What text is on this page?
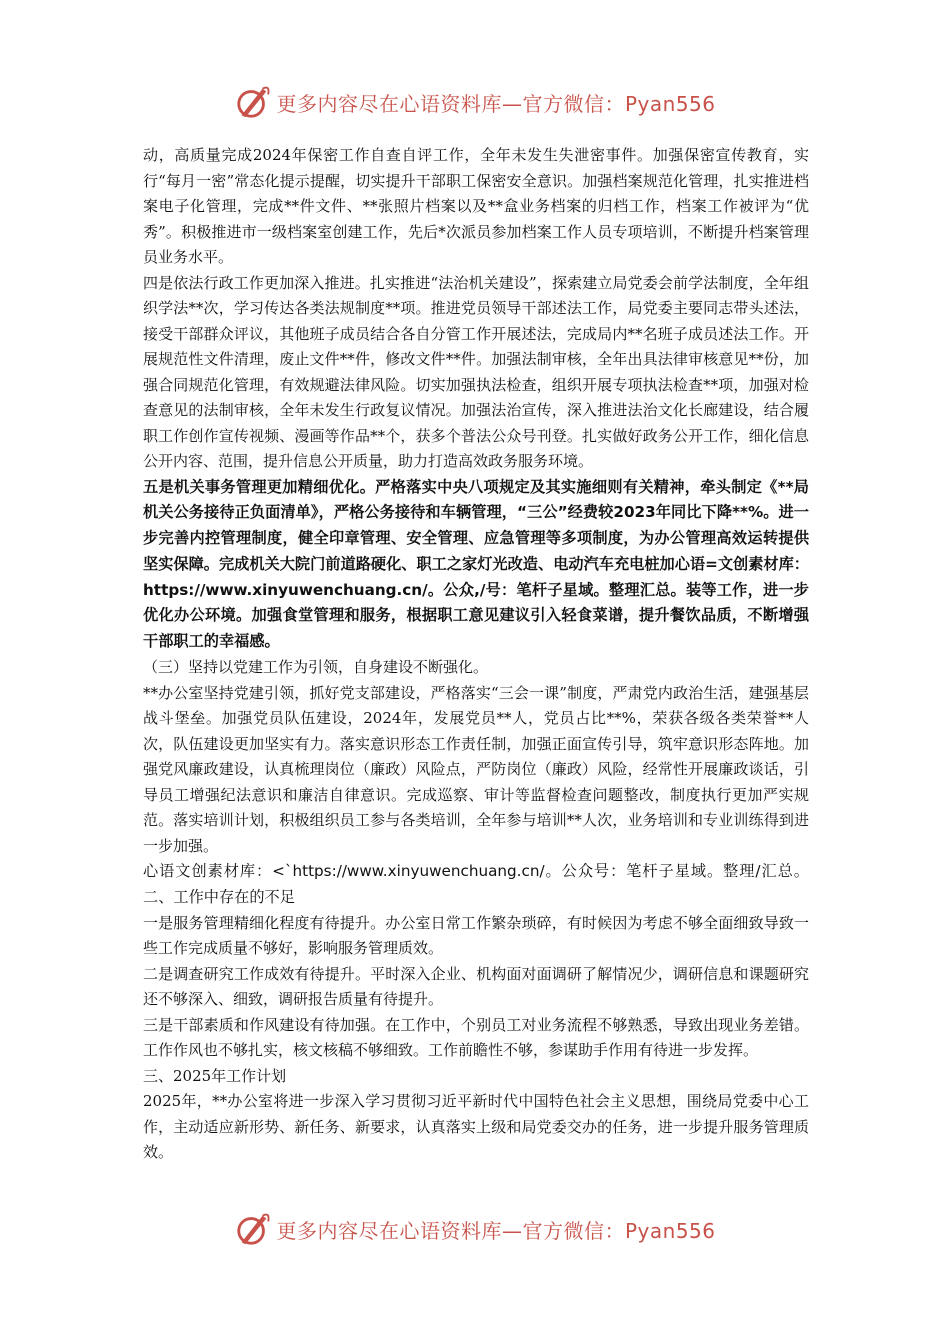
更多内容尽在心语资料库—官方微信：Pyan556

动，高质量完成2024年保密工作自查自评工作，全年未发生失泄密事件。加强保密宣传教育，实行“每月一密”常态化提示提醒，切实提升干部职工保密安全意识。加强档案规范化管理，扎实推进档案电子化管理，完成**件文件、**张照片档案以及**盒业务档案的归档工作，档案工作被评为“优秀”。积极推进市一级档案室创建工作，先后*次派员参加档案工作人员专项培训，不断提升档案管理员业务水平。

四是依法行政工作更加深入推进。扎实推进“法治机关建设”，探索建立局党委会前学法制度，全年组织学法**次，学习传达各类法规制度**项。推进党员领导干部述法工作，局党委主要同志带头述法，接受干部群众评议，其他班子成员结合各自分管工作开展述法，完成局内**名班子成员述法工作。开展规范性文件清理，废止文件**件，修改文件**件。加强法制审核，全年出具法律审核意见**份，加强合同规范化管理，有效规避法律风险。切实加强执法检查，组织开展专项执法检查**项，加强对检查意见的法制审核，全年未发生行政复议情况。加强法治宣传，深入推进法治文化长廊建设，结合履职工作创作宣传视频、漫画等作品**个，获多个普法公众号刊登。扎实做好政务公开工作，细化信息公开内容、范围，提升信息公开质量，助力打造高效政务服务环境。

五是机关事务管理更加精细优化。严格落实中央八项规定及其实施细则有关精神，牵头制定《**局机关公务接待正负面清单》，严格公务接待和车辆管理，“三公”经费较2023年同比下降**%。进一步完善内控管理制度，健全印章管理、安全管理、应急管理等多项制度，为办公管理高效运转提供坚实保障。完成机关大院门前道路硬化、职工之家灯光改造、电动汽车充电桩加心语=文创素材库：https://www.xinyuwenchuang.cn/。公众,/号：笔杆子星域。整理汇总。装等工作，进一步优化办公环境。加强食堂管理和服务，根据职工意见建议引入轻食菜谱，提升餐饮品质，不断增强干部职工的幸福感。

（三）坚持以党建工作为引领，自身建设不断强化。

**办公室坚持党建引领，抓好党支部建设，严格落实“三会一课”制度，严肃党内政治生活，建强基层战斗堡垒。加强党员队伍建设，2024年，发展党员**人，党员占比**%，荣获各级各类荣誉**人次，队伍建设更加坚实有力。落实意识形态工作责任制，加强正面宣传引导，筑牢意识形态阵地。加强党风廉政建设，认真梳理岗位（廉政）风险点，严防岗位（廉政）风险，经常性开展廉政谈话，引导员工增强纪法意识和廉洁自律意识。完成巡察、审计等监督检查问题整改，制度执行更加严实规范。落实培训计划，积极组织员工参与各类培训，全年参与培训**人次，业务培训和专业训练得到进一步加强。

心语文创素材库：<`https://www.xinyuwenchuang.cn/。公众号：笔杆子星域。整理/汇总。二、工作中存在的不足

一是服务管理精细化程度有待提升。办公室日常工作繁杂琐碎，有时候因为考虑不够全面细致导致一些工作完成质量不够好，影响服务管理质效。

二是调查研究工作成效有待提升。平时深入企业、机构面对面调研了解情况少，调研信息和课题研究还不够深入、细致，调研报告质量有待提升。

三是干部素质和作风建设有待加强。在工作中，个别员工对业务流程不够熟悉，导致出现业务差错。工作作风也不够扎实，核文核稿不够细致。工作前瞻性不够，参谋助手作用有待进一步发挥。

三、2025年工作计划

2025年，**办公室将进一步深入学习贯彻习近平新时代中国特色社会主义思想，围绕局党委中心工作，主动适应新形势、新任务、新要求，认真落实上级和局党委交办的任务，进一步提升服务管理质效。

更多内容尽在心语资料库—官方微信：Pyan556
